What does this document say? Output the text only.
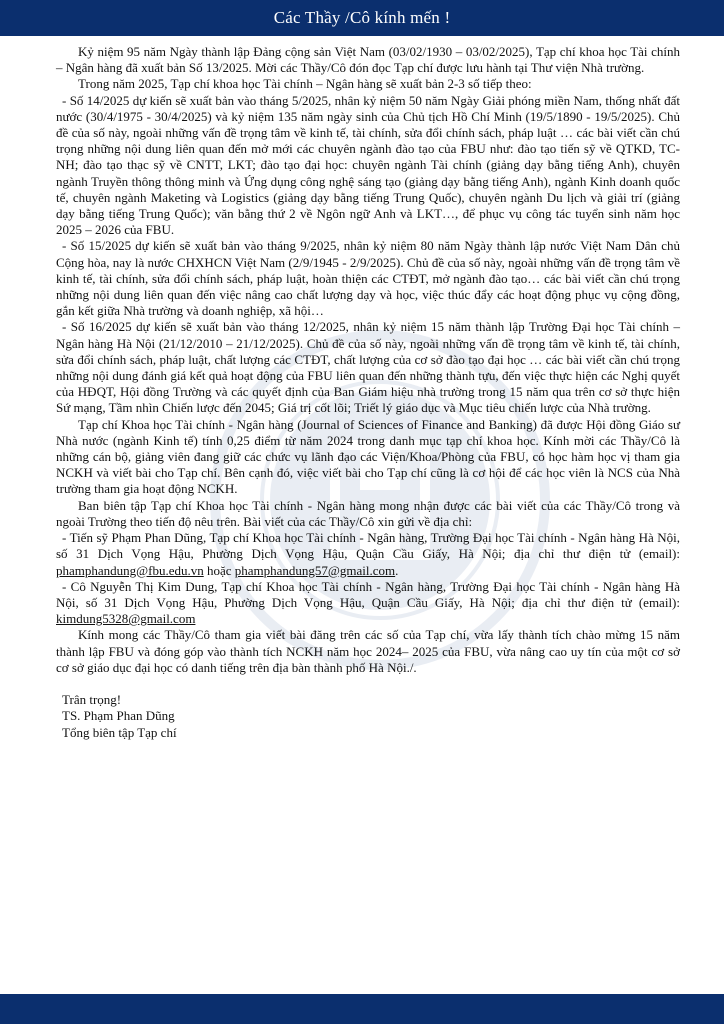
Các Thầy /Cô kính mến !

Kỷ niệm 95 năm Ngày thành lập Đảng cộng sản Việt Nam (03/02/1930 – 03/02/2025), Tạp chí khoa học Tài chính – Ngân hàng đã xuất bản Số 13/2025. Mời các Thầy/Cô đón đọc Tạp chí được lưu hành tại Thư viện Nhà trường.

Trong năm 2025, Tạp chí khoa học Tài chính – Ngân hàng sẽ xuất bản 2-3 số tiếp theo:

- Số 14/2025 dự kiến sẽ xuất bản vào tháng 5/2025, nhân kỷ niệm 50 năm Ngày Giải phóng miền Nam, thống nhất đất nước (30/4/1975 - 30/4/2025) và kỷ niệm 135 năm ngày sinh của Chủ tịch Hồ Chí Minh (19/5/1890 - 19/5/2025). Chủ đề của số này, ngoài những vấn đề trọng tâm về kinh tế, tài chính, sửa đổi chính sách, pháp luật … các bài viết cần chú trọng những nội dung liên quan đến mở mới các chuyên ngành đào tạo của FBU như: đào tạo tiến sỹ về QTKD, TC-NH; đào tạo thạc sỹ về CNTT, LKT; đào tạo đại học: chuyên ngành Tài chính (giảng dạy bằng tiếng Anh), chuyên ngành Truyền thông thông minh và Ứng dụng công nghệ sáng tạo (giảng dạy bằng tiếng Anh), ngành Kinh doanh quốc tế, chuyên ngành Maketing và Logistics (giảng dạy bằng tiếng Trung Quốc), chuyên ngành Du lịch và giải trí (giảng dạy bằng tiếng Trung Quốc); văn bằng thứ 2 về Ngôn ngữ Anh và LKT…, để phục vụ công tác tuyển sinh năm học 2025 – 2026 của FBU.

- Số 15/2025 dự kiến sẽ xuất bản vào tháng 9/2025, nhân kỷ niệm 80 năm Ngày thành lập nước Việt Nam Dân chủ Cộng hòa, nay là nước CHXHCN Việt Nam (2/9/1945 - 2/9/2025). Chủ đề của số này, ngoài những vấn đề trọng tâm về kinh tế, tài chính, sửa đổi chính sách, pháp luật, hoàn thiện các CTĐT, mở ngành đào tạo… các bài viết cần chú trọng những nội dung liên quan đến việc nâng cao chất lượng dạy và học, việc thúc đẩy các hoạt động phục vụ cộng đồng, gắn kết giữa Nhà trường và doanh nghiệp, xã hội…

- Số 16/2025 dự kiến sẽ xuất bản vào tháng 12/2025, nhân kỷ niệm 15 năm thành lập Trường Đại học Tài chính – Ngân hàng Hà Nội (21/12/2010 – 21/12/2025). Chủ đề của số này, ngoài những vấn đề trọng tâm về kinh tế, tài chính, sửa đổi chính sách, pháp luật, chất lượng các CTĐT, chất lượng của cơ sở đào tạo đại học … các bài viết cần chú trọng những nội dung đánh giá kết quả hoạt động của FBU liên quan đến những thành tựu, đến việc thực hiện các Nghị quyết của HĐQT, Hội đồng Trường và các quyết định của Ban Giám hiệu nhà trường trong 15 năm qua trên cơ sở thực hiện Sứ mạng, Tầm nhìn Chiến lược đến 2045; Giá trị cốt lõi; Triết lý giáo dục và Mục tiêu chiến lược của Nhà trường.

Tạp chí Khoa học Tài chính - Ngân hàng (Journal of Sciences of Finance and Banking) đã được Hội đồng Giáo sư Nhà nước (ngành Kinh tế) tính 0,25 điểm từ năm 2024 trong danh mục tạp chí khoa học. Kính mời các Thầy/Cô là những cán bộ, giảng viên đang giữ các chức vụ lãnh đạo các Viện/Khoa/Phòng của FBU, có học hàm học vị tham gia NCKH và viết bài cho Tạp chí. Bên cạnh đó, việc viết bài cho Tạp chí cũng là cơ hội để các học viên là NCS của Nhà trường tham gia hoạt động NCKH.

Ban biên tập Tạp chí Khoa học Tài chính - Ngân hàng mong nhận được các bài viết của các Thầy/Cô trong và ngoài Trường theo tiến độ nêu trên. Bài viết của các Thầy/Cô xin gửi về địa chỉ:

- Tiến sỹ Phạm Phan Dũng, Tạp chí Khoa học Tài chính - Ngân hàng, Trường Đại học Tài chính - Ngân hàng Hà Nội, số 31 Dịch Vọng Hậu, Phường Dịch Vọng Hậu, Quận Cầu Giấy, Hà Nội; địa chỉ thư điện tử (email): phamphandung@fbu.edu.vn hoặc phamphandung57@gmail.com.

- Cô Nguyễn Thị Kim Dung, Tạp chí Khoa học Tài chính - Ngân hàng, Trường Đại học Tài chính - Ngân hàng Hà Nội, số 31 Dịch Vọng Hậu, Phường Dịch Vọng Hậu, Quận Cầu Giấy, Hà Nội; địa chỉ thư điện tử (email): kimdung5328@gmail.com

Kính mong các Thầy/Cô tham gia viết bài đăng trên các số của Tạp chí, vừa lấy thành tích chào mừng 15 năm thành lập FBU và đóng góp vào thành tích NCKH năm học 2024– 2025 của FBU, vừa nâng cao uy tín của một cơ sở cơ sở giáo dục đại học có danh tiếng trên địa bàn thành phố Hà Nội./.

Trân trọng!

TS. Phạm Phan Dũng

Tổng biên tập Tạp chí
